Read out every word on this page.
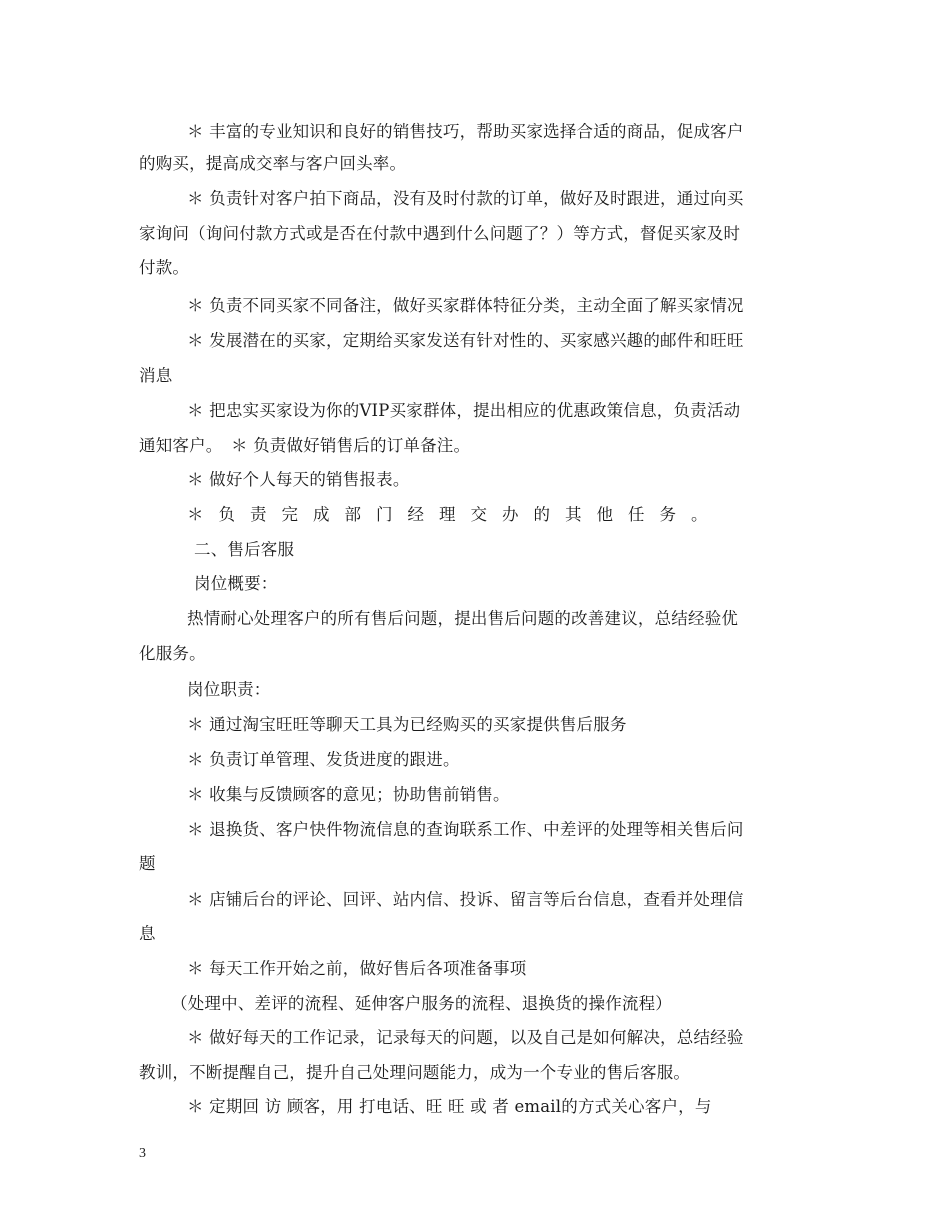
＊ 丰富的专业知识和良好的销售技巧，帮助买家选择合适的商品，促成客户
的购买，提高成交率与客户回头率。
＊ 负责针对客户拍下商品，没有及时付款的订单，做好及时跟进，通过向买
家询问（询问付款方式或是否在付款中遇到什么问题了？）等方式，督促买家及时
付款。
＊ 负责不同买家不同备注，做好买家群体特征分类，主动全面了解买家情况
＊ 发展潜在的买家，定期给买家发送有针对性的、买家感兴趣的邮件和旺旺
消息
＊ 把忠实买家设为你的VIP买家群体，提出相应的优惠政策信息，负责活动
通知客户。　＊ 负责做好销售后的订单备注。
＊ 做好个人每天的销售报表。
＊负责完成部门经理交办的其他任务。
二、售后客服
岗位概要：
热情耐心处理客户的所有售后问题，提出售后问题的改善建议，总结经验优
化服务。
岗位职责：
＊ 通过淘宝旺旺等聊天工具为已经购买的买家提供售后服务
＊ 负责订单管理、发货进度的跟进。
＊ 收集与反馈顾客的意见；协助售前销售。
＊ 退换货、客户快件物流信息的查询联系工作、中差评的处理等相关售后问
题
＊ 店铺后台的评论、回评、站内信、投诉、留言等后台信息，查看并处理信
息
＊ 每天工作开始之前，做好售后各项准备事项
（处理中、差评的流程、延伸客户服务的流程、退换货的操作流程）
＊ 做好每天的工作记录，记录每天的问题，以及自己是如何解决，总结经验
教训，不断提醒自己，提升自己处理问题能力，成为一个专业的售后客服。
＊ 定期回 访 顾客，用 打电话、旺 旺 或 者 email的方式关心客户，与
3
